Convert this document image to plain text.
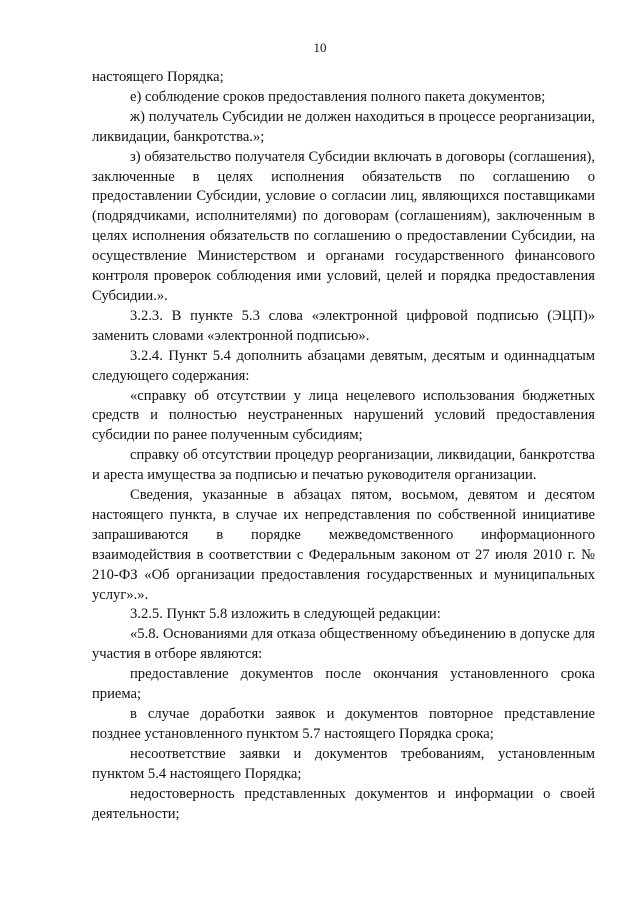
10

настоящего Порядка;

е) соблюдение сроков предоставления полного пакета документов;

ж) получатель Субсидии не должен находиться в процессе реорганизации, ликвидации, банкротства.»;

з) обязательство получателя Субсидии включать в договоры (соглашения), заключенные в целях исполнения обязательств по соглашению о предоставлении Субсидии, условие о согласии лиц, являющихся поставщиками (подрядчиками, исполнителями) по договорам (соглашениям), заключенным в целях исполнения обязательств по соглашению о предоставлении Субсидии, на осуществление Министерством и органами государственного финансового контроля проверок соблюдения ими условий, целей и порядка предоставления Субсидии.».

3.2.3. В пункте 5.3 слова «электронной цифровой подписью (ЭЦП)» заменить словами «электронной подписью».

3.2.4. Пункт 5.4 дополнить абзацами девятым, десятым и одиннадцатым следующего содержания:

«справку об отсутствии у лица нецелевого использования бюджетных средств и полностью неустраненных нарушений условий предоставления субсидии по ранее полученным субсидиям;

справку об отсутствии процедур реорганизации, ликвидации, банкротства и ареста имущества за подписью и печатью руководителя организации.

Сведения, указанные в абзацах пятом, восьмом, девятом и десятом настоящего пункта, в случае их непредставления по собственной инициативе запрашиваются в порядке межведомственного информационного взаимодействия в соответствии с Федеральным законом от 27 июля 2010 г. № 210-ФЗ «Об организации предоставления государственных и муниципальных услуг».».

3.2.5. Пункт 5.8 изложить в следующей редакции:

«5.8. Основаниями для отказа общественному объединению в допуске для участия в отборе являются:

предоставление документов после окончания установленного срока приема;

в случае доработки заявок и документов повторное представление позднее установленного пунктом 5.7 настоящего Порядка срока;

несоответствие заявки и документов требованиям, установленным пунктом 5.4 настоящего Порядка;

недостоверность представленных документов и информации о своей деятельности;
